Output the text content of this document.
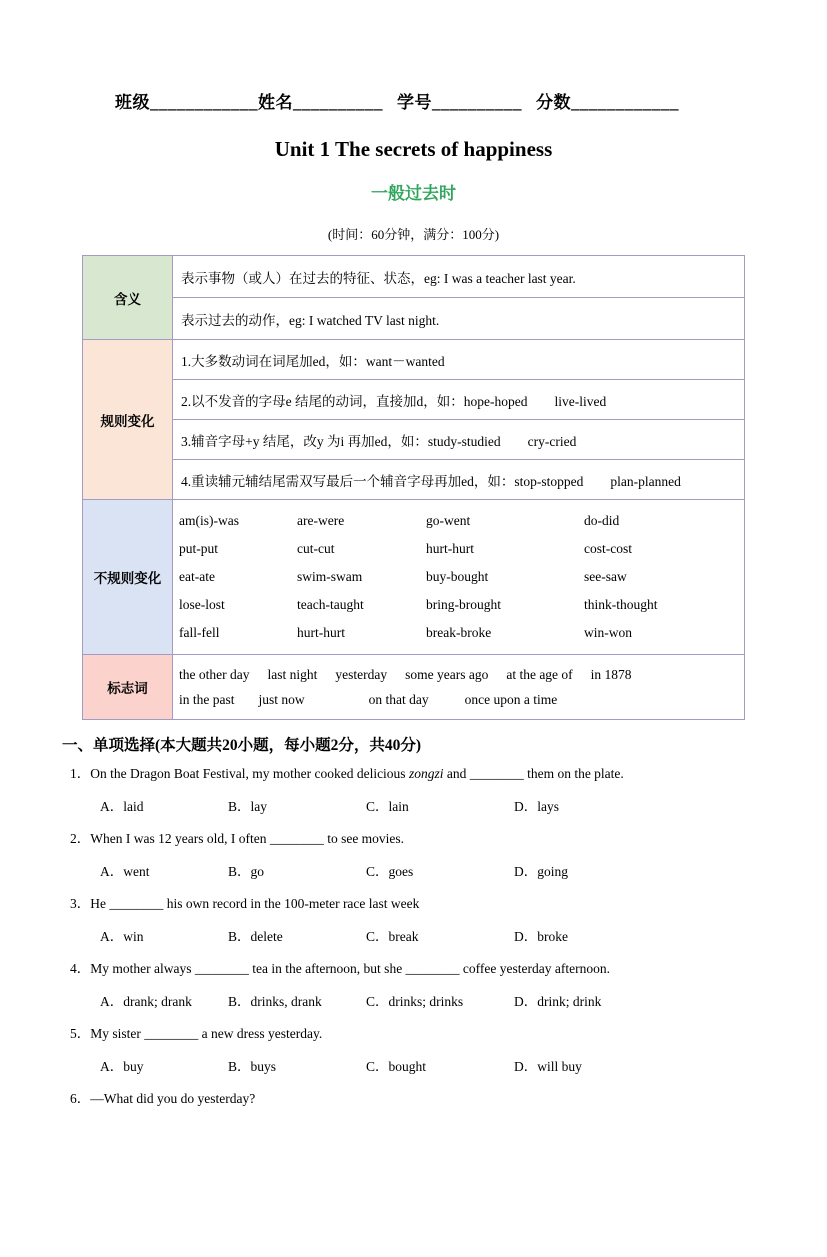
班级____________姓名__________ 学号__________ 分数____________
Unit 1 The secrets of happiness
一般过去时
(时间：60分钟，满分：100分)
含义	表示事物（或人）在过去的特征、状态，eg: I was a teacher last year.
	表示过去的动作，eg: I watched TV last night.
规则变化	1.大多数动词在词尾加ed，如：want－wanted
	2.以不发音的字母e 结尾的动词，直接加d，如：hope-hoped　　live-lived
	3.辅音字母+y 结尾，改y 为i 再加ed，如：study-studied　　cry-cried
	4.重读辅元辅结尾需双写最后一个辅音字母再加ed，如：stop-stopped　　plan-planned
不规则变化	
am(is)-was	are-were	go-went	do-did
put-put	cut-cut	hurt-hurt	cost-cost
eat-ate	swim-swam	buy-bought	see-saw
lose-lost	teach-taught	bring-brought	think-thought
fall-fell	hurt-hurt	break-broke	win-won

标志词	
the other day last night yesterday some years ago at the age of in 1878
in the past just now	on that day	once upon a time
一、单项选择(本大题共20小题，每小题2分，共40分)
1．On the Dragon Boat Festival, my mother cooked delicious zongzi and ________ them on the plate.
A．laid	B．lay	C．lain	D．lays
2．When I was 12 years old, I often ________ to see movies.
A．went	B．go	C．goes	D．going
3．He ________ his own record in the 100-meter race last week
A．win	B．delete	C．break	D．broke
4．My mother always ________ tea in the afternoon, but she ________ coffee yesterday afternoon.
A．drank; drank	B．drinks, drank	C．drinks; drinks	D．drink; drink
5．My sister ________ a new dress yesterday.
A．buy	B．buys	C．bought	D．will buy
6．—What did you do yesterday?
